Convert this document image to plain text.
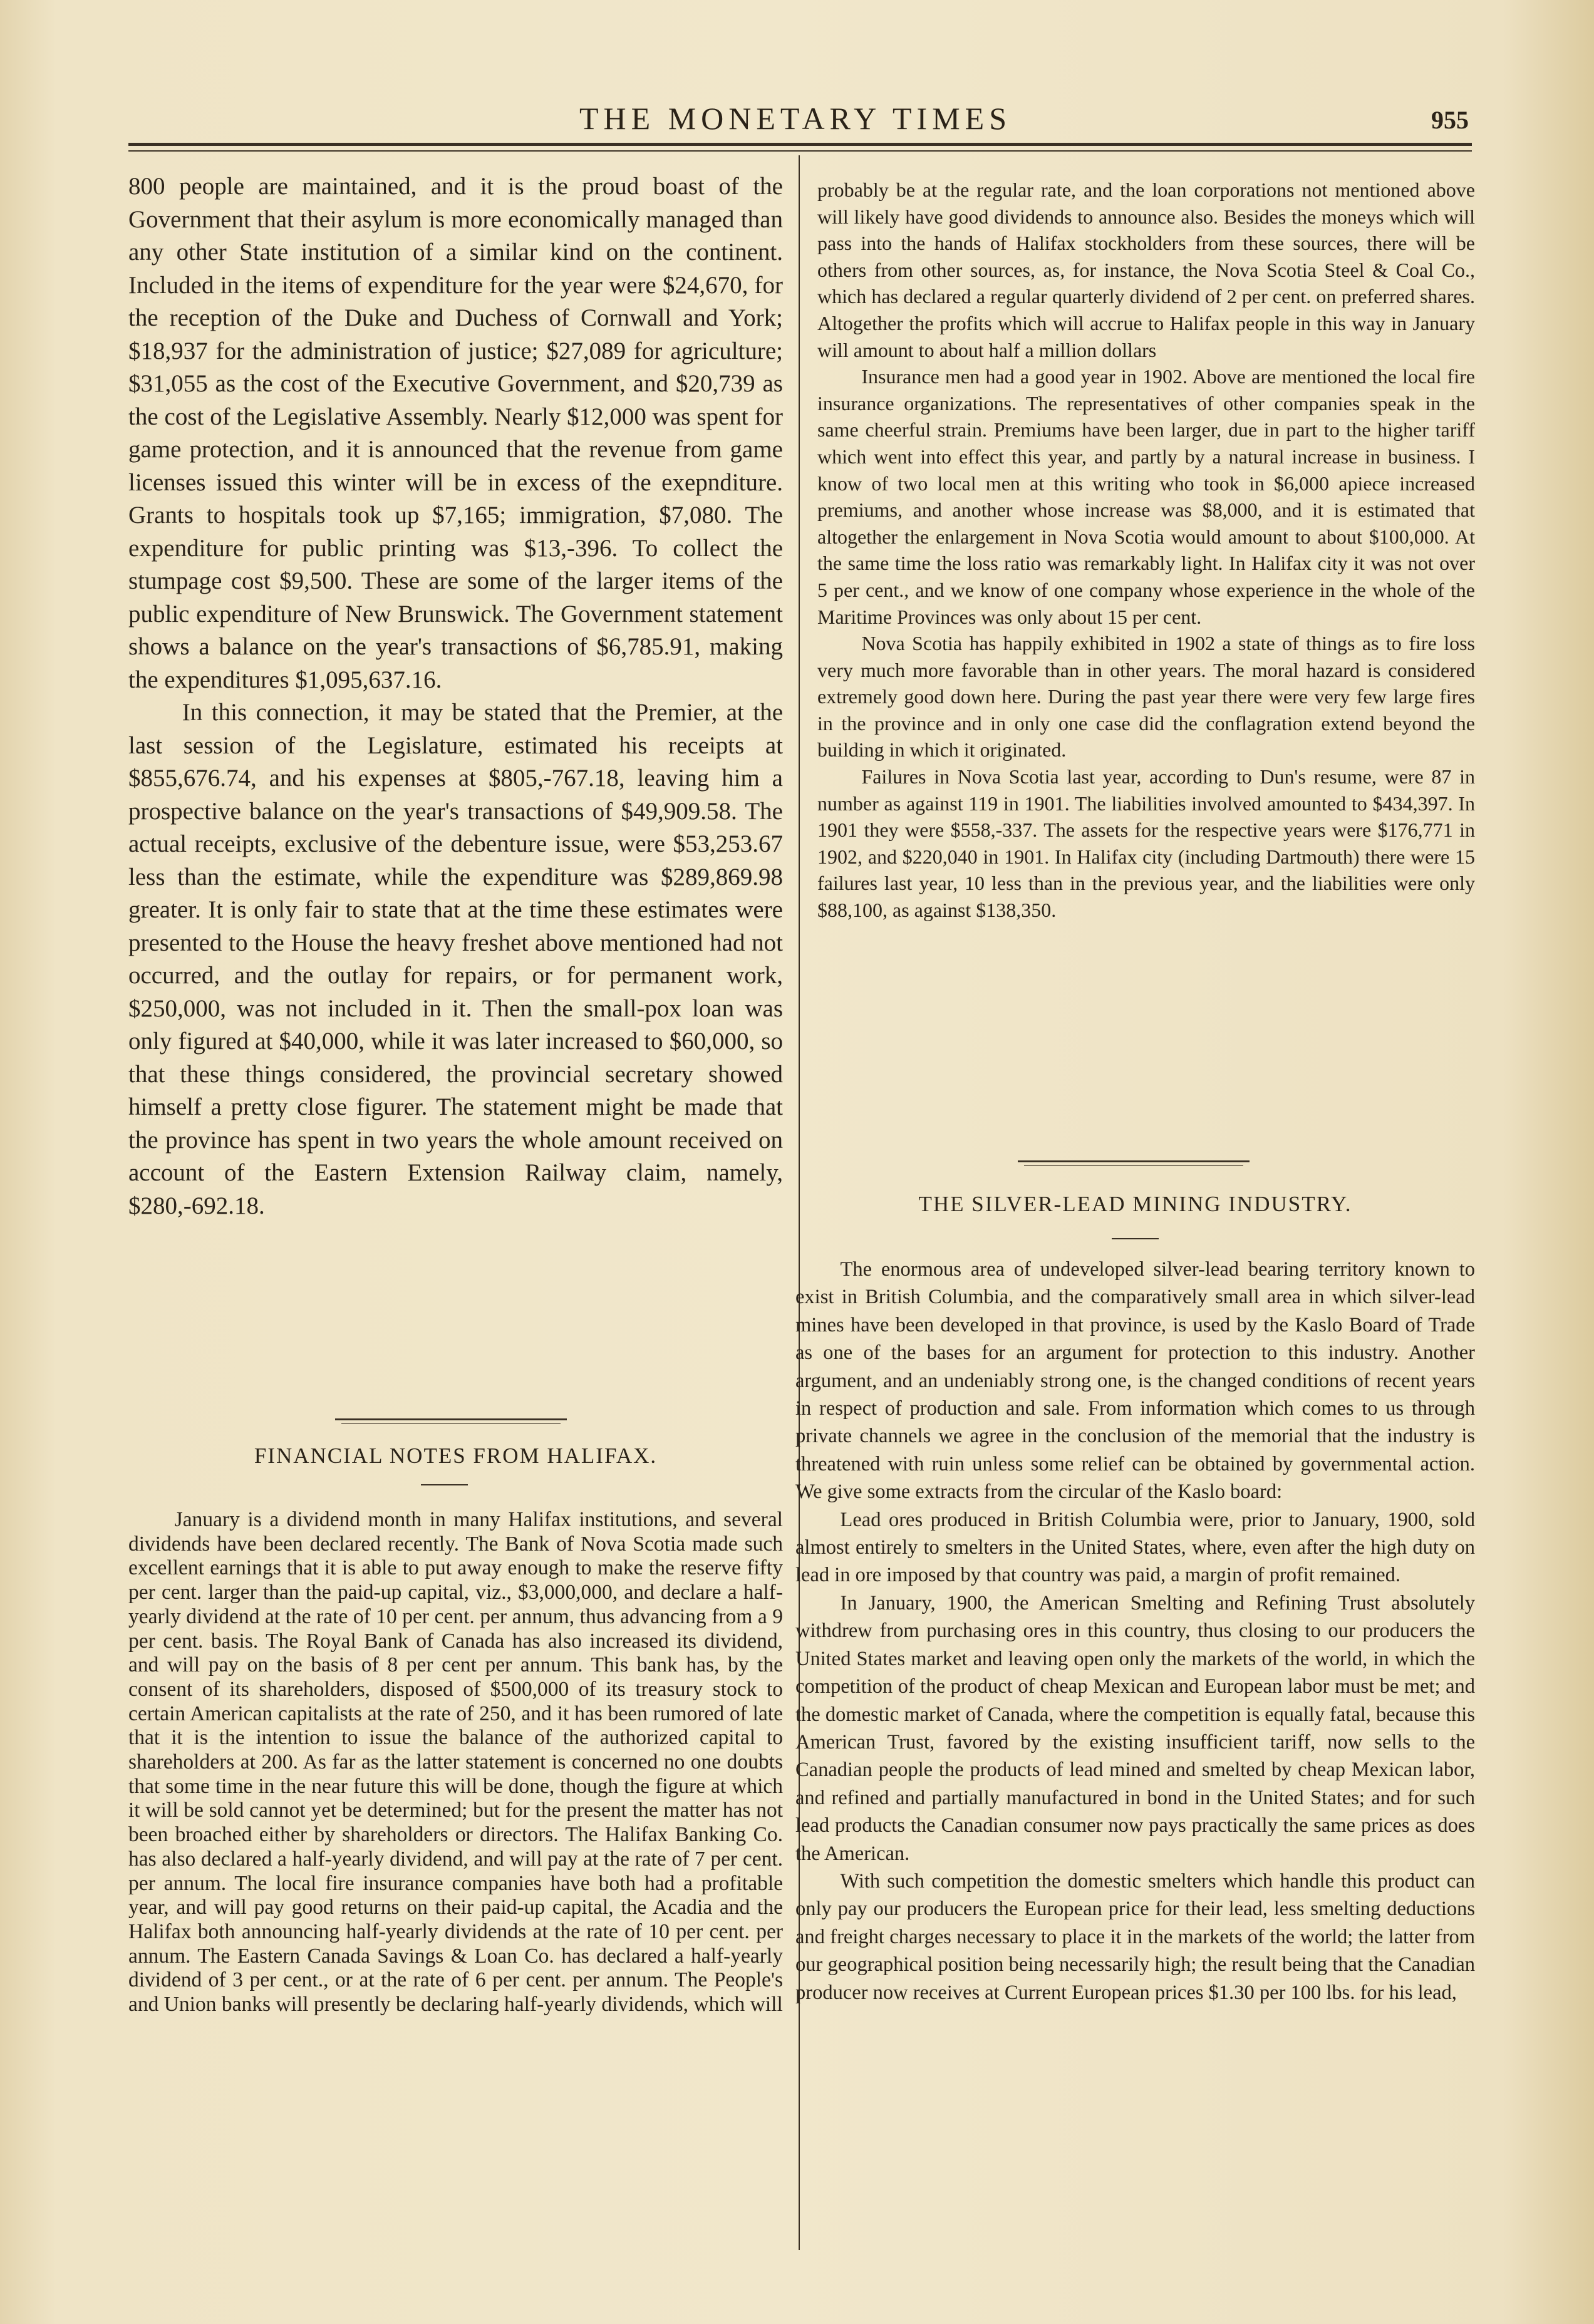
THE MONETARY TIMES	955

800 people are maintained, and it is the proud boast of the Government that their asylum is more economically managed than any other State institution of a similar kind on the continent. Included in the items of expenditure for the year were $24,670, for the reception of the Duke and Duchess of Cornwall and York; $18,937 for the administration of justice; $27,089 for agriculture; $31,055 as the cost of the Executive Government, and $20,739 as the cost of the Legislative Assembly. Nearly $12,000 was spent for game protection, and it is announced that the revenue from game licenses issued this winter will be in excess of the exepnditure. Grants to hospitals took up $7,165; immigration, $7,080. The expenditure for public printing was $13,-396. To collect the stumpage cost $9,500. These are some of the larger items of the public expenditure of New Brunswick. The Government statement shows a balance on the year's transactions of $6,785.91, making the expenditures $1,095,637.16.

In this connection, it may be stated that the Premier, at the last session of the Legislature, estimated his receipts at $855,676.74, and his expenses at $805,-767.18, leaving him a prospective balance on the year's transactions of $49,909.58. The actual receipts, exclusive of the debenture issue, were $53,253.67 less than the estimate, while the expenditure was $289,869.98 greater. It is only fair to state that at the time these estimates were presented to the House the heavy freshet above mentioned had not occurred, and the outlay for repairs, or for permanent work, $250,000, was not included in it. Then the small-pox loan was only figured at $40,000, while it was later increased to $60,000, so that these things considered, the provincial secretary showed himself a pretty close figurer. The statement might be made that the province has spent in two years the whole amount received on account of the Eastern Extension Railway claim, namely, $280,-692.18.

FINANCIAL NOTES FROM HALIFAX.

January is a dividend month in many Halifax institutions, and several dividends have been declared recently. The Bank of Nova Scotia made such excellent earnings that it is able to put away enough to make the reserve fifty per cent. larger than the paid-up capital, viz., $3,000,000, and declare a half-yearly dividend at the rate of 10 per cent. per annum, thus advancing from a 9 per cent. basis. The Royal Bank of Canada has also increased its dividend, and will pay on the basis of 8 per cent per annum. This bank has, by the consent of its shareholders, disposed of $500,000 of its treasury stock to certain American capitalists at the rate of 250, and it has been rumored of late that it is the intention to issue the balance of the authorized capital to shareholders at 200. As far as the latter statement is concerned no one doubts that some time in the near future this will be done, though the figure at which it will be sold cannot yet be determined; but for the present the matter has not been broached either by shareholders or directors. The Halifax Banking Co. has also declared a half-yearly dividend, and will pay at the rate of 7 per cent. per annum. The local fire insurance companies have both had a profitable year, and will pay good returns on their paid-up capital, the Acadia and the Halifax both announcing half-yearly dividends at the rate of 10 per cent. per annum. The Eastern Canada Savings & Loan Co. has declared a half-yearly dividend of 3 per cent., or at the rate of 6 per cent. per annum. The People's and Union banks will presently be declaring half-yearly dividends, which will

probably be at the regular rate, and the loan corporations not mentioned above will likely have good dividends to announce also. Besides the moneys which will pass into the hands of Halifax stockholders from these sources, there will be others from other sources, as, for instance, the Nova Scotia Steel & Coal Co., which has declared a regular quarterly dividend of 2 per cent. on preferred shares. Altogether the profits which will accrue to Halifax people in this way in January will amount to about half a million dollars

Insurance men had a good year in 1902. Above are mentioned the local fire insurance organizations. The representatives of other companies speak in the same cheerful strain. Premiums have been larger, due in part to the higher tariff which went into effect this year, and partly by a natural increase in business. I know of two local men at this writing who took in $6,000 apiece increased premiums, and another whose increase was $8,000, and it is estimated that altogether the enlargement in Nova Scotia would amount to about $100,000. At the same time the loss ratio was remarkably light. In Halifax city it was not over 5 per cent., and we know of one company whose experience in the whole of the Maritime Provinces was only about 15 per cent.

Nova Scotia has happily exhibited in 1902 a state of things as to fire loss very much more favorable than in other years. The moral hazard is considered extremely good down here. During the past year there were very few large fires in the province and in only one case did the conflagration extend beyond the building in which it originated.

Failures in Nova Scotia last year, according to Dun's resume, were 87 in number as against 119 in 1901. The liabilities involved amounted to $434,397. In 1901 they were $558,-337. The assets for the respective years were $176,771 in 1902, and $220,040 in 1901. In Halifax city (including Dartmouth) there were 15 failures last year, 10 less than in the previous year, and the liabilities were only $88,100, as against $138,350.

THE SILVER-LEAD MINING INDUSTRY.

The enormous area of undeveloped silver-lead bearing territory known to exist in British Columbia, and the comparatively small area in which silver-lead mines have been developed in that province, is used by the Kaslo Board of Trade as one of the bases for an argument for protection to this industry. Another argument, and an undeniably strong one, is the changed conditions of recent years in respect of production and sale. From information which comes to us through private channels we agree in the conclusion of the memorial that the industry is threatened with ruin unless some relief can be obtained by governmental action. We give some extracts from the circular of the Kaslo board:

Lead ores produced in British Columbia were, prior to January, 1900, sold almost entirely to smelters in the United States, where, even after the high duty on lead in ore imposed by that country was paid, a margin of profit remained.

In January, 1900, the American Smelting and Refining Trust absolutely withdrew from purchasing ores in this country, thus closing to our producers the United States market and leaving open only the markets of the world, in which the competition of the product of cheap Mexican and European labor must be met; and the domestic market of Canada, where the competition is equally fatal, because this American Trust, favored by the existing insufficient tariff, now sells to the Canadian people the products of lead mined and smelted by cheap Mexican labor, and refined and partially manufactured in bond in the United States; and for such lead products the Canadian consumer now pays practically the same prices as does the American.

With such competition the domestic smelters which handle this product can only pay our producers the European price for their lead, less smelting deductions and freight charges necessary to place it in the markets of the world; the latter from our geographical position being necessarily high; the result being that the Canadian producer now receives at Current European prices $1.30 per 100 lbs. for his lead,
